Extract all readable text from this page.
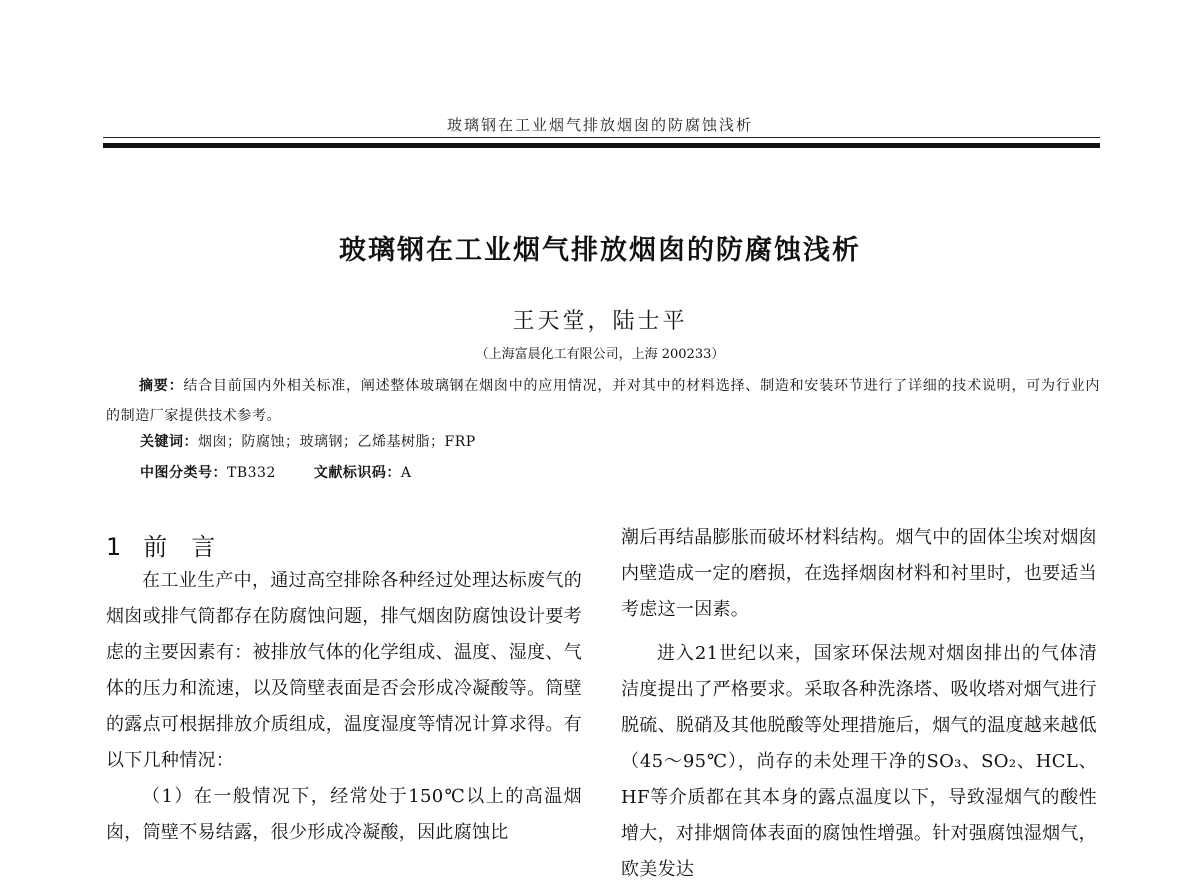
玻璃钢在工业烟气排放烟囱的防腐蚀浅析
玻璃钢在工业烟气排放烟囱的防腐蚀浅析
王天堂，陆士平
（上海富晨化工有限公司，上海 200233）
摘要：结合目前国内外相关标准，阐述整体玻璃钢在烟囱中的应用情况，并对其中的材料选择、制造和安装环节进行了详细的技术说明，可为行业内的制造厂家提供技术参考。
关键词：烟囱；防腐蚀；玻璃钢；乙烯基树脂；FRP
中图分类号：TB332	文献标识码：A
1 前言

在工业生产中，通过高空排除各种经过处理达标废气的烟囱或排气筒都存在防腐蚀问题，排气烟囱防腐蚀设计要考虑的主要因素有：被排放气体的化学组成、温度、湿度、气体的压力和流速，以及筒壁表面是否会形成冷凝酸等。筒壁的露点可根据排放介质组成，温度湿度等情况计算求得。有以下几种情况：

（1）在一般情况下，经常处于150℃以上的高温烟囱，筒壁不易结露，很少形成冷凝酸，因此腐蚀比

潮后再结晶膨胀而破坏材料结构。烟气中的固体尘埃对烟囱内壁造成一定的磨损，在选择烟囱材料和衬里时，也要适当考虑这一因素。

进入21世纪以来，国家环保法规对烟囱排出的气体清洁度提出了严格要求。采取各种洗涤塔、吸收塔对烟气进行脱硫、脱硝及其他脱酸等处理措施后，烟气的温度越来越低（45～95℃），尚存的未处理干净的SO₃、SO₂、HCL、HF等介质都在其本身的露点温度以下，导致湿烟气的酸性增大，对排烟筒体表面的腐蚀性增强。针对强腐蚀湿烟气，欧美发达
